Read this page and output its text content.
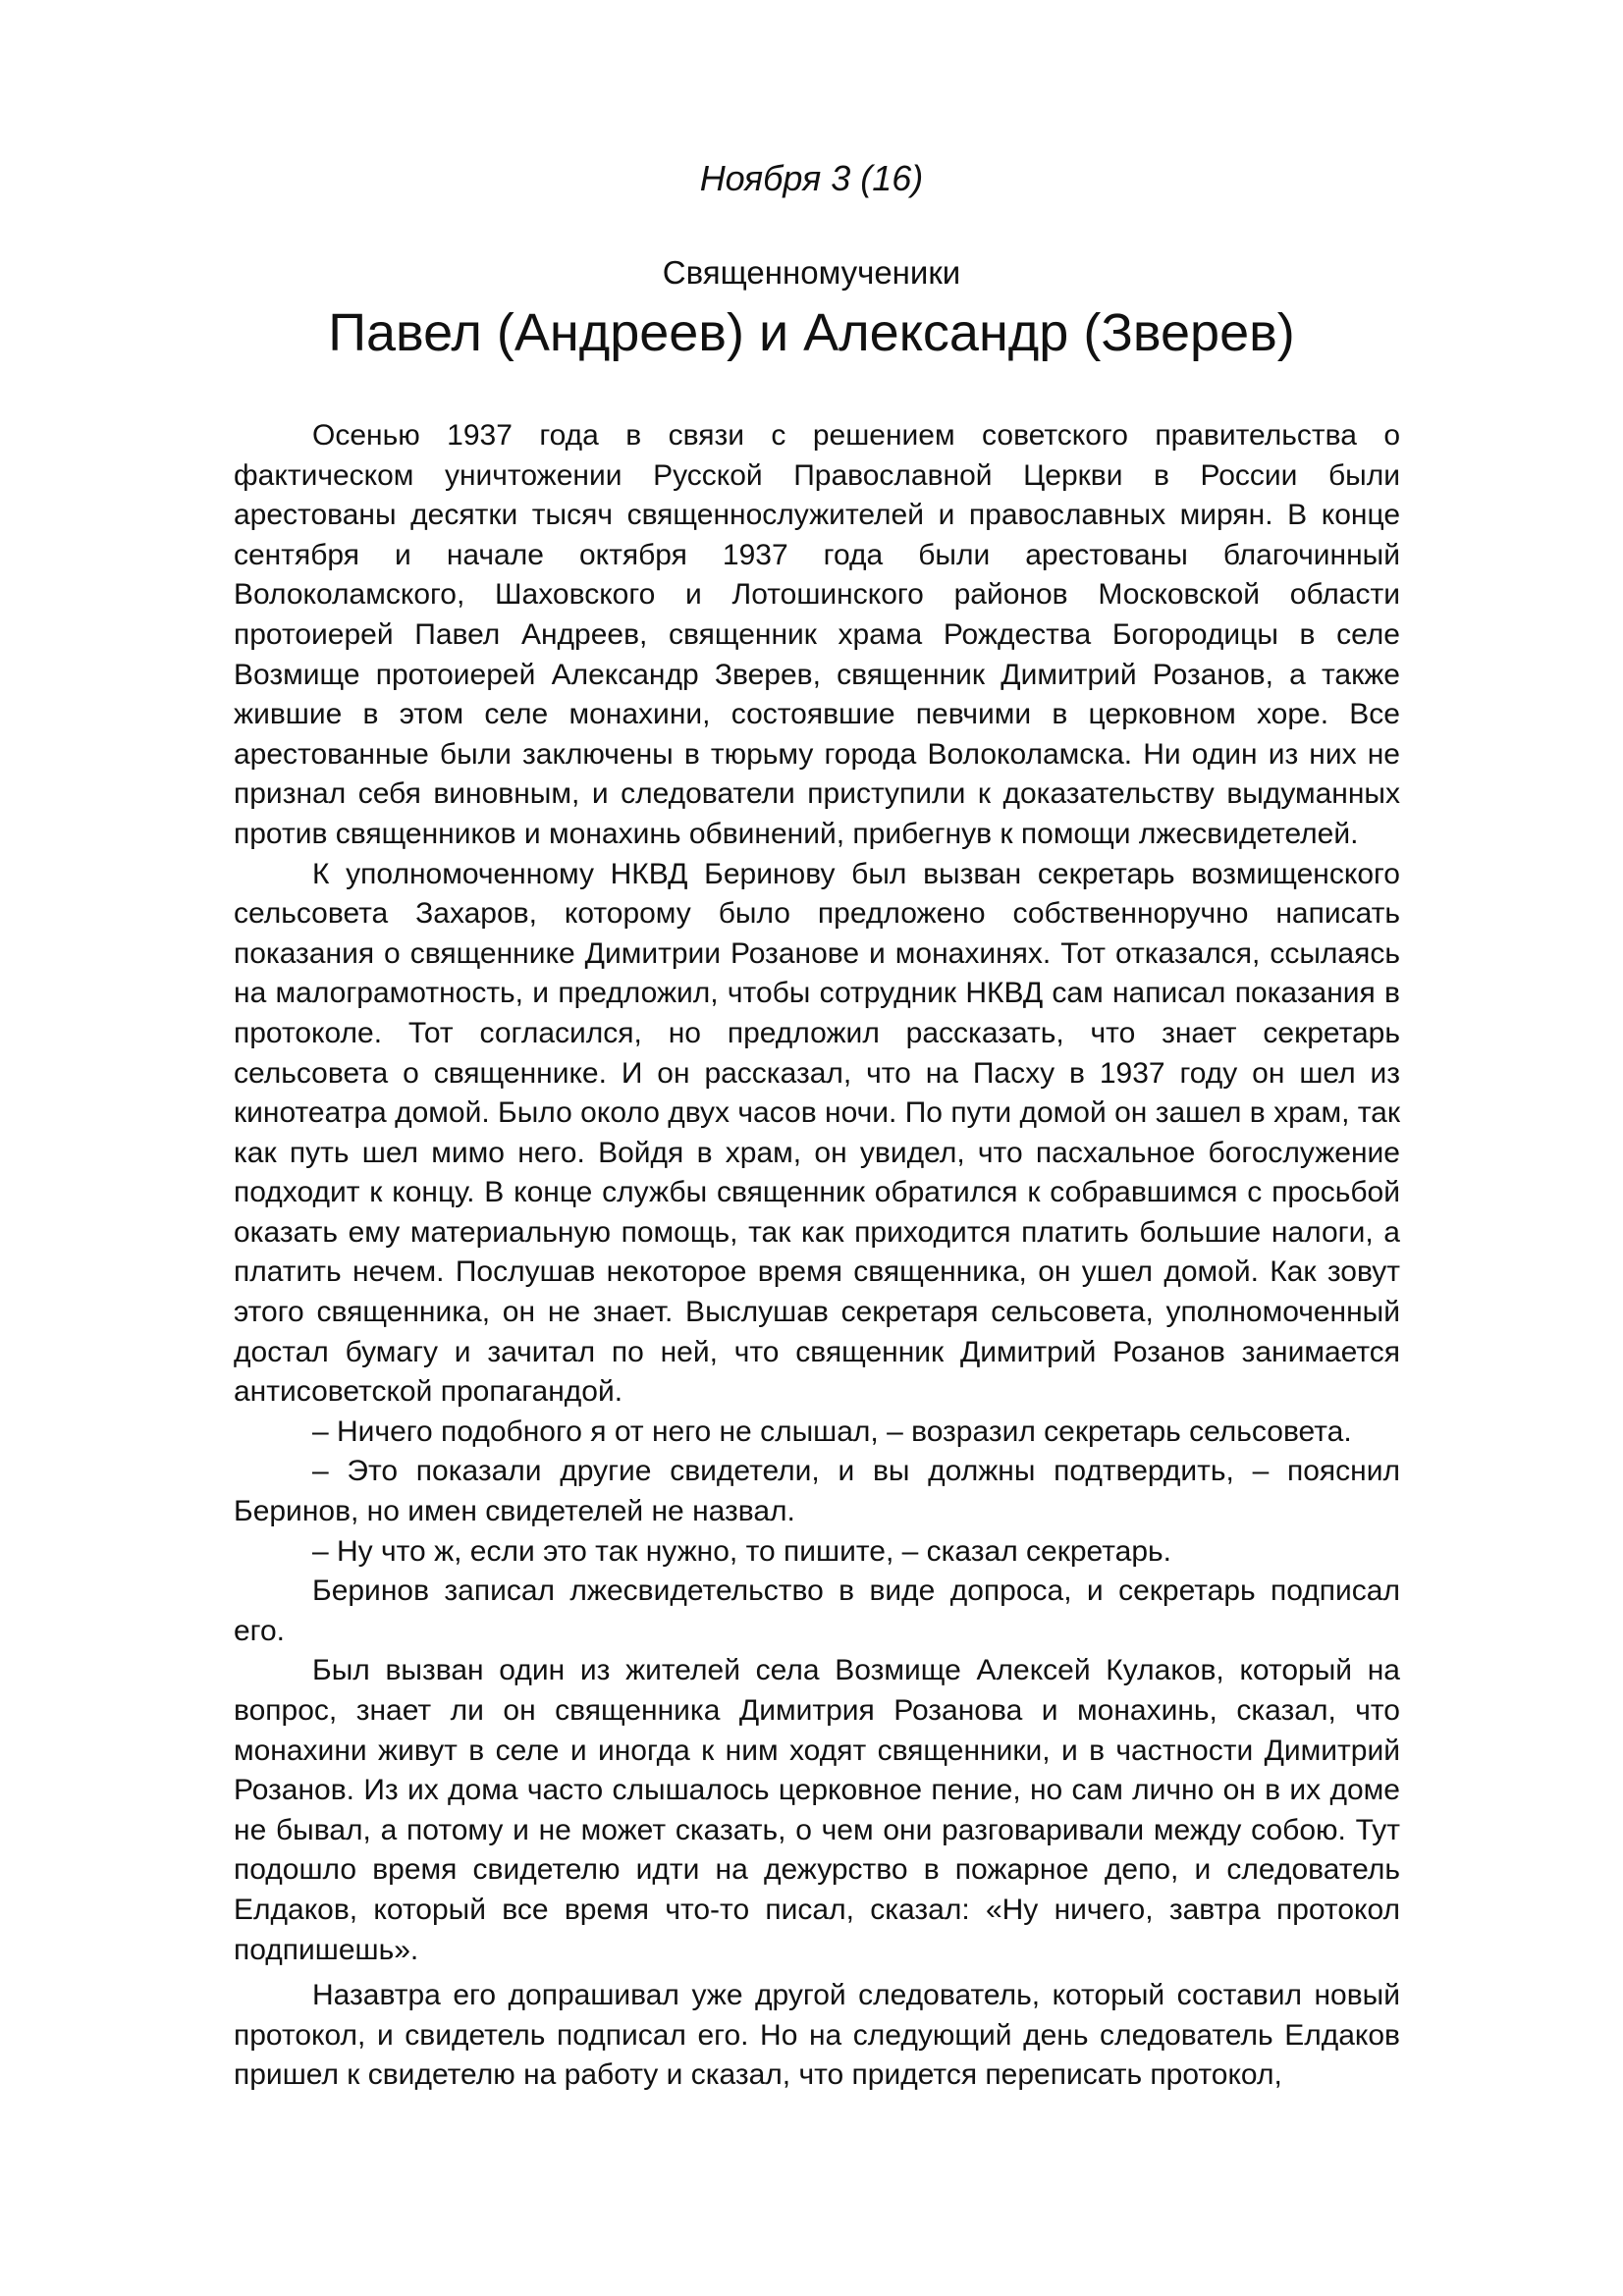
Ноября 3 (16)
Священномученики
Павел (Андреев) и Александр (Зверев)

Осенью 1937 года в связи с решением советского правительства о фактическом уничтожении Русской Православной Церкви в России были арестованы десятки тысяч священнослужителей и православных мирян. В конце сентября и начале октября 1937 года были арестованы благочинный Волоколамского, Шаховского и Лотошинского районов Московской области протоиерей Павел Андреев, священник храма Рождества Богородицы в селе Возмище протоиерей Александр Зверев, священник Димитрий Розанов, а также жившие в этом селе монахини, состоявшие певчими в церковном хоре. Все арестованные были заключены в тюрьму города Волоколамска. Ни один из них не признал себя виновным, и следователи приступили к доказательству выдуманных против священников и монахинь обвинений, прибегнув к помощи лжесвидетелей.

К уполномоченному НКВД Беринову был вызван секретарь возмищенского сельсовета Захаров, которому было предложено собственноручно написать показания о священнике Димитрии Розанове и монахинях. Тот отказался, ссылаясь на малограмотность, и предложил, чтобы сотрудник НКВД сам написал показания в протоколе. Тот согласился, но предложил рассказать, что знает секретарь сельсовета о священнике. И он рассказал, что на Пасху в 1937 году он шел из кинотеатра домой. Было около двух часов ночи. По пути домой он зашел в храм, так как путь шел мимо него. Войдя в храм, он увидел, что пасхальное богослужение подходит к концу. В конце службы священник обратился к собравшимся с просьбой оказать ему материальную помощь, так как приходится платить большие налоги, а платить нечем. Послушав некоторое время священника, он ушел домой. Как зовут этого священника, он не знает. Выслушав секретаря сельсовета, уполномоченный достал бумагу и зачитал по ней, что священник Димитрий Розанов занимается антисоветской пропагандой.

– Ничего подобного я от него не слышал, – возразил секретарь сельсовета.

– Это показали другие свидетели, и вы должны подтвердить, – пояснил Беринов, но имен свидетелей не назвал.

– Ну что ж, если это так нужно, то пишите, – сказал секретарь.

Беринов записал лжесвидетельство в виде допроса, и секретарь подписал его.

Был вызван один из жителей села Возмище Алексей Кулаков, который на вопрос, знает ли он священника Димитрия Розанова и монахинь, сказал, что монахини живут в селе и иногда к ним ходят священники, и в частности Димитрий Розанов. Из их дома часто слышалось церковное пение, но сам лично он в их доме не бывал, а потому и не может сказать, о чем они разговаривали между собою. Тут подошло время свидетелю идти на дежурство в пожарное депо, и следователь Елдаков, который все время что-то писал, сказал: «Ну ничего, завтра протокол подпишешь».

Назавтра его допрашивал уже другой следователь, который составил новый протокол, и свидетель подписал его. Но на следующий день следователь Елдаков пришел к свидетелю на работу и сказал, что придется переписать протокол,
